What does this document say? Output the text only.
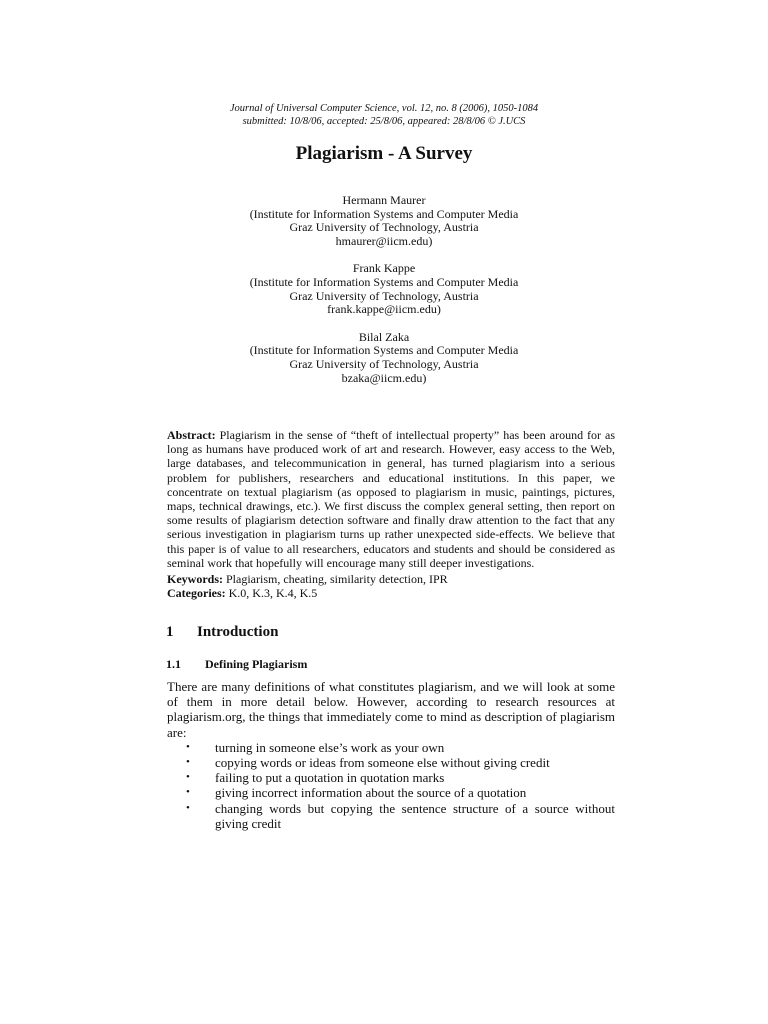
Journal of Universal Computer Science, vol. 12, no. 8 (2006), 1050-1084
submitted: 10/8/06, accepted: 25/8/06, appeared: 28/8/06 © J.UCS
Plagiarism - A Survey
Hermann Maurer
(Institute for Information Systems and Computer Media
Graz University of Technology, Austria
hmaurer@iicm.edu)
Frank Kappe
(Institute for Information Systems and Computer Media
Graz University of Technology, Austria
frank.kappe@iicm.edu)
Bilal Zaka
(Institute for Information Systems and Computer Media
Graz University of Technology, Austria
bzaka@iicm.edu)

Abstract: Plagiarism in the sense of “theft of intellectual property” has been around for as long as humans have produced work of art and research. However, easy access to the Web, large databases, and telecommunication in general, has turned plagiarism into a serious problem for publishers, researchers and educational institutions. In this paper, we concentrate on textual plagiarism (as opposed to plagiarism in music, paintings, pictures, maps, technical drawings, etc.). We first discuss the complex general setting, then report on some results of plagiarism detection software and finally draw attention to the fact that any serious investigation in plagiarism turns up rather unexpected side-effects. We believe that this paper is of value to all researchers, educators and students and should be considered as seminal work that hopefully will encourage many still deeper investigations.

Keywords: Plagiarism, cheating, similarity detection, IPR

Categories: K.0, K.3, K.4, K.5

1 Introduction
1.1 Defining Plagiarism

There are many definitions of what constitutes plagiarism, and we will look at some of them in more detail below. However, according to research resources at plagiarism.org, the things that immediately come to mind as description of plagiarism are:

• turning in someone else’s work as your own
• copying words or ideas from someone else without giving credit
• failing to put a quotation in quotation marks
• giving incorrect information about the source of a quotation
• changing words but copying the sentence structure of a source without giving credit
